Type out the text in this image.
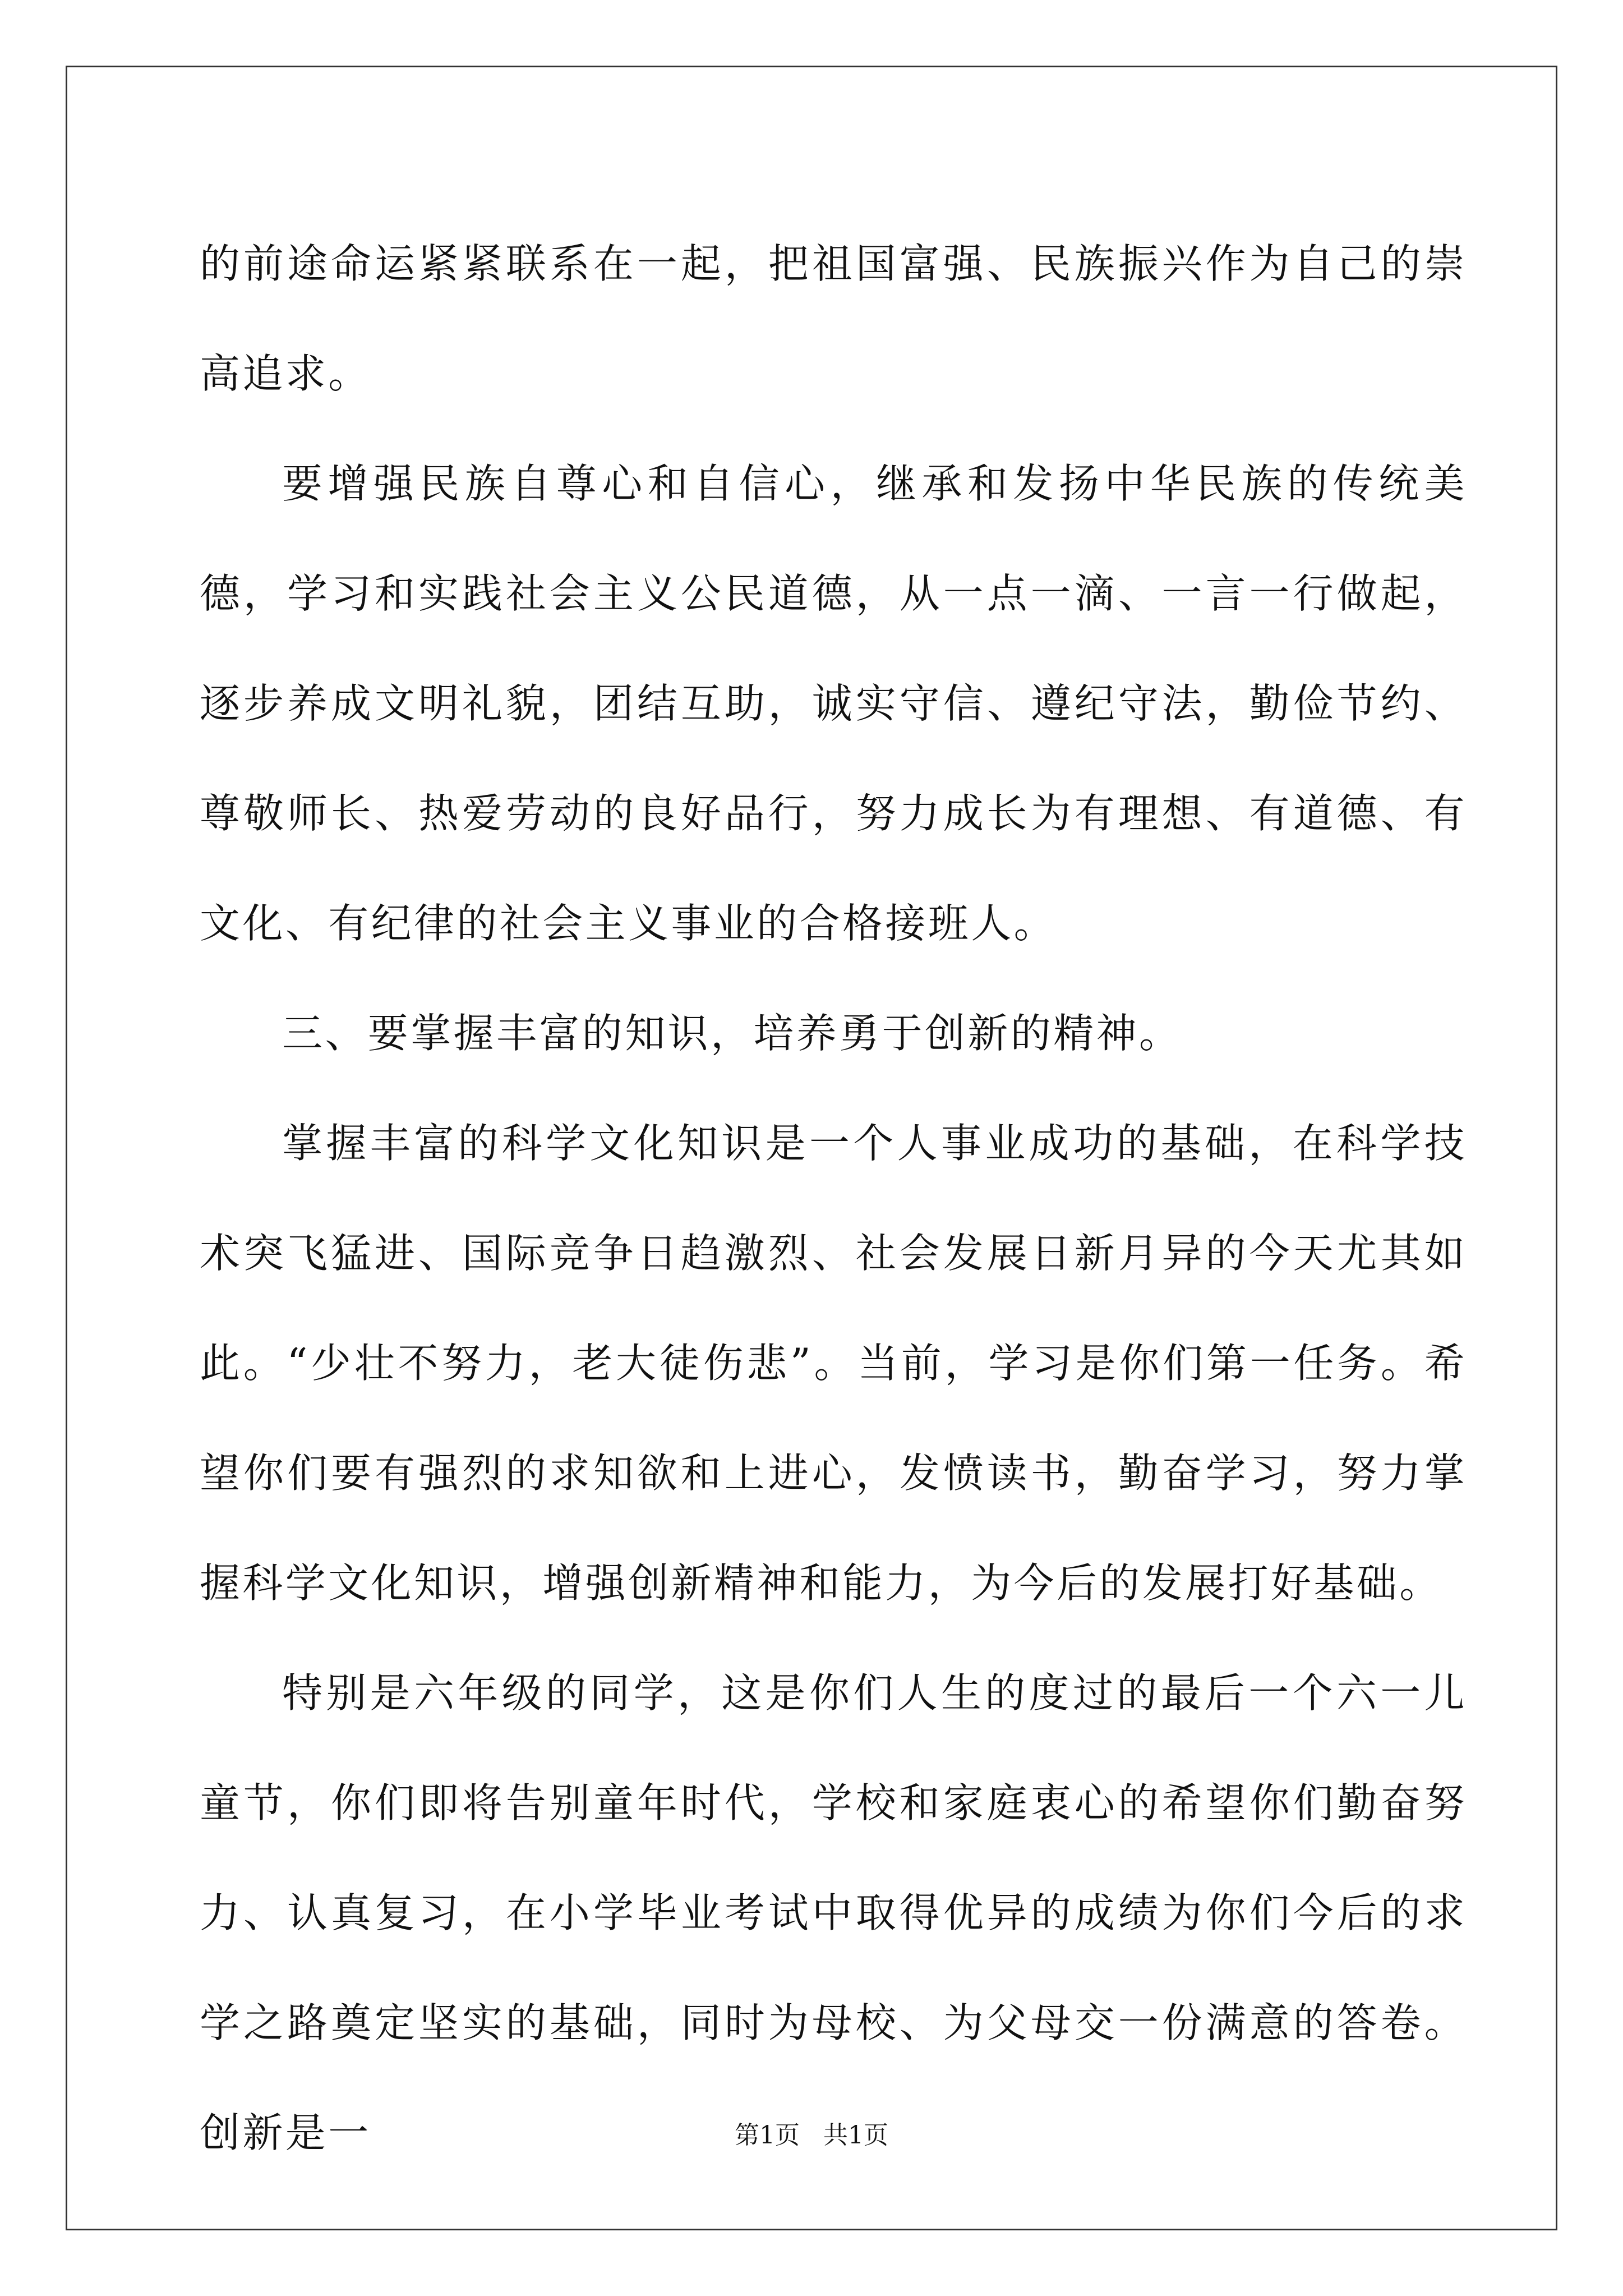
的前途命运紧紧联系在一起，把祖国富强、民族振兴作为自己的崇高追求。

要增强民族自尊心和自信心，继承和发扬中华民族的传统美德，学习和实践社会主义公民道德，从一点一滴、一言一行做起，逐步养成文明礼貌，团结互助，诚实守信、遵纪守法，勤俭节约、尊敬师长、热爱劳动的良好品行，努力成长为有理想、有道德、有文化、有纪律的社会主义事业的合格接班人。

三、要掌握丰富的知识，培养勇于创新的精神。

掌握丰富的科学文化知识是一个人事业成功的基础，在科学技术突飞猛进、国际竞争日趋激烈、社会发展日新月异的今天尤其如此。“少壮不努力，老大徒伤悲”。当前，学习是你们第一任务。希望你们要有强烈的求知欲和上进心，发愤读书，勤奋学习，努力掌握科学文化知识，增强创新精神和能力，为今后的发展打好基础。

特别是六年级的同学，这是你们人生的度过的最后一个六一儿童节，你们即将告别童年时代，学校和家庭衷心的希望你们勤奋努力、认真复习，在小学毕业考试中取得优异的成绩为你们今后的求学之路奠定坚实的基础，同时为母校、为父母交一份满意的答卷。创新是一	第1页   共1页
